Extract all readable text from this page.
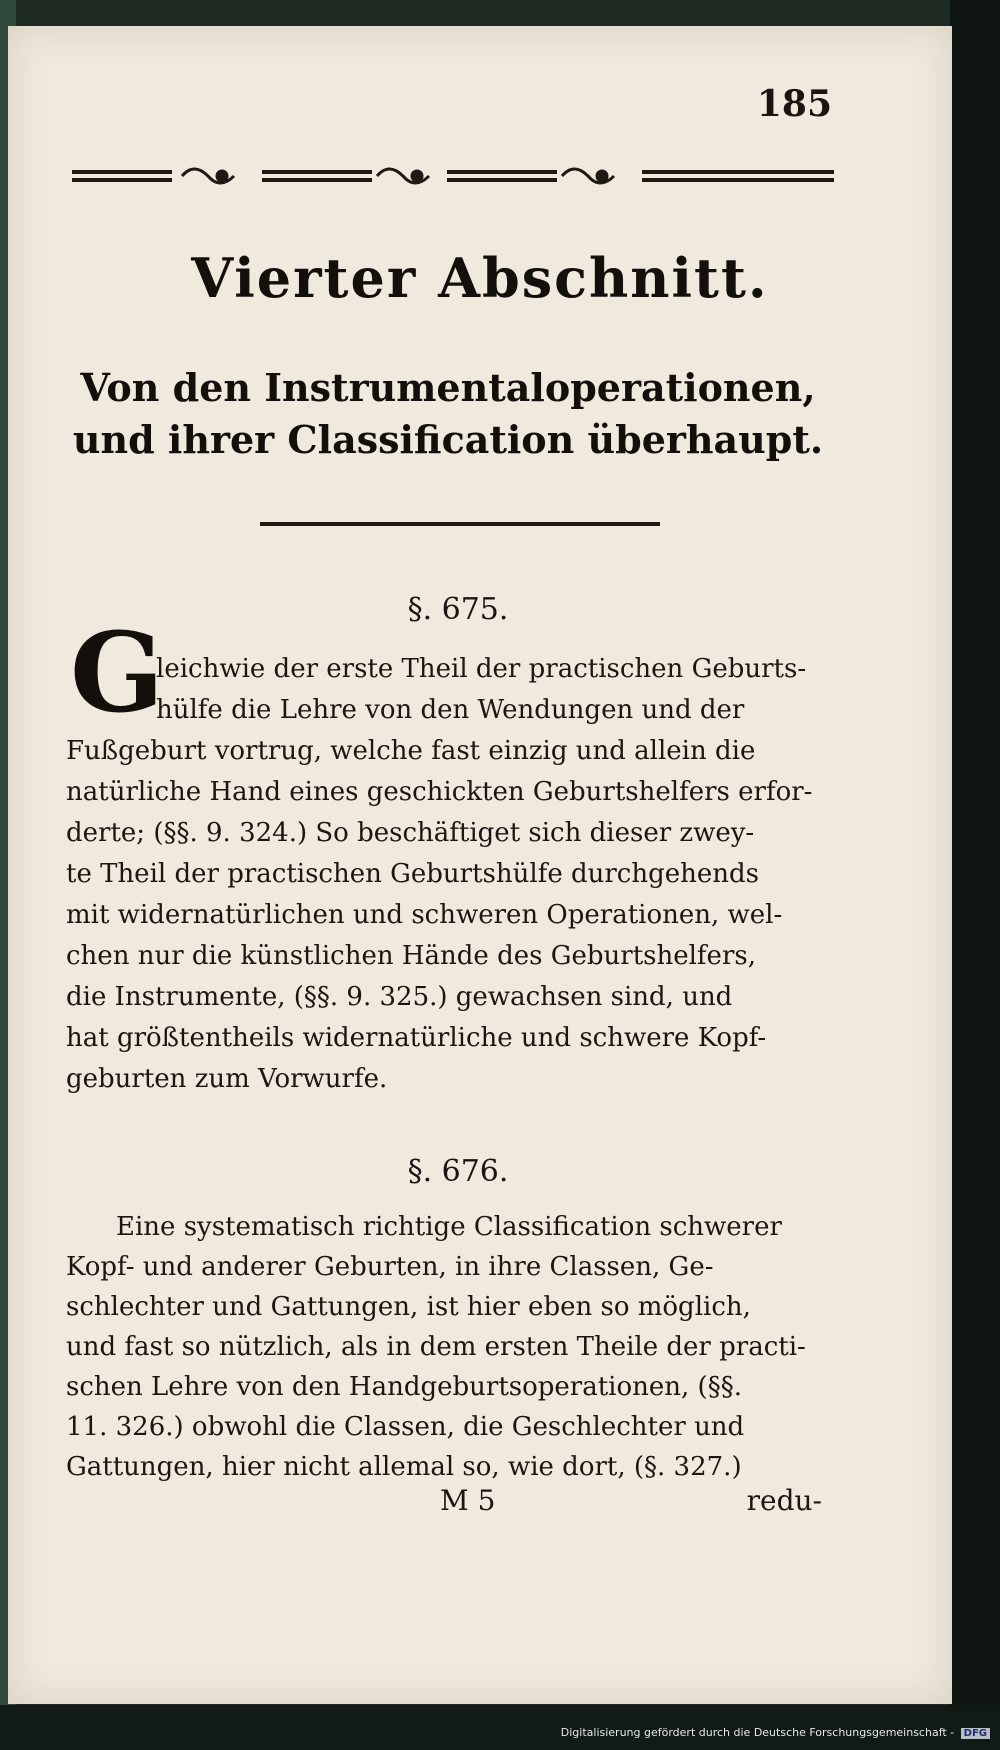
185
Vierter Abschnitt.
Von den Instrumentaloperationen,
und ihrer Classification überhaupt.
§. 675.
G
leichwie der erste Theil der practischen Geburts-
hülfe die Lehre von den Wendungen und der
Fußgeburt vortrug, welche fast einzig und allein die
natürliche Hand eines geschickten Geburtshelfers erfor-
derte; (§§. 9. 324.) So beschäftiget sich dieser zwey-
te Theil der practischen Geburtshülfe durchgehends
mit widernatürlichen und schweren Operationen, wel-
chen nur die künstlichen Hände des Geburtshelfers,
die Instrumente, (§§. 9. 325.) gewachsen sind, und
hat größtentheils widernatürliche und schwere Kopf-
geburten zum Vorwurfe.
§. 676.
Eine systematisch richtige Classification schwerer
Kopf- und anderer Geburten, in ihre Classen, Ge-
schlechter und Gattungen, ist hier eben so möglich,
und fast so nützlich, als in dem ersten Theile der practi-
schen Lehre von den Handgeburtsoperationen, (§§.
11. 326.) obwohl die Classen, die Geschlechter und
Gattungen, hier nicht allemal so, wie dort, (§. 327.)
M 5	redu-
Digitalisierung gefördert durch die Deutsche Forschungsgemeinschaft - DFG
